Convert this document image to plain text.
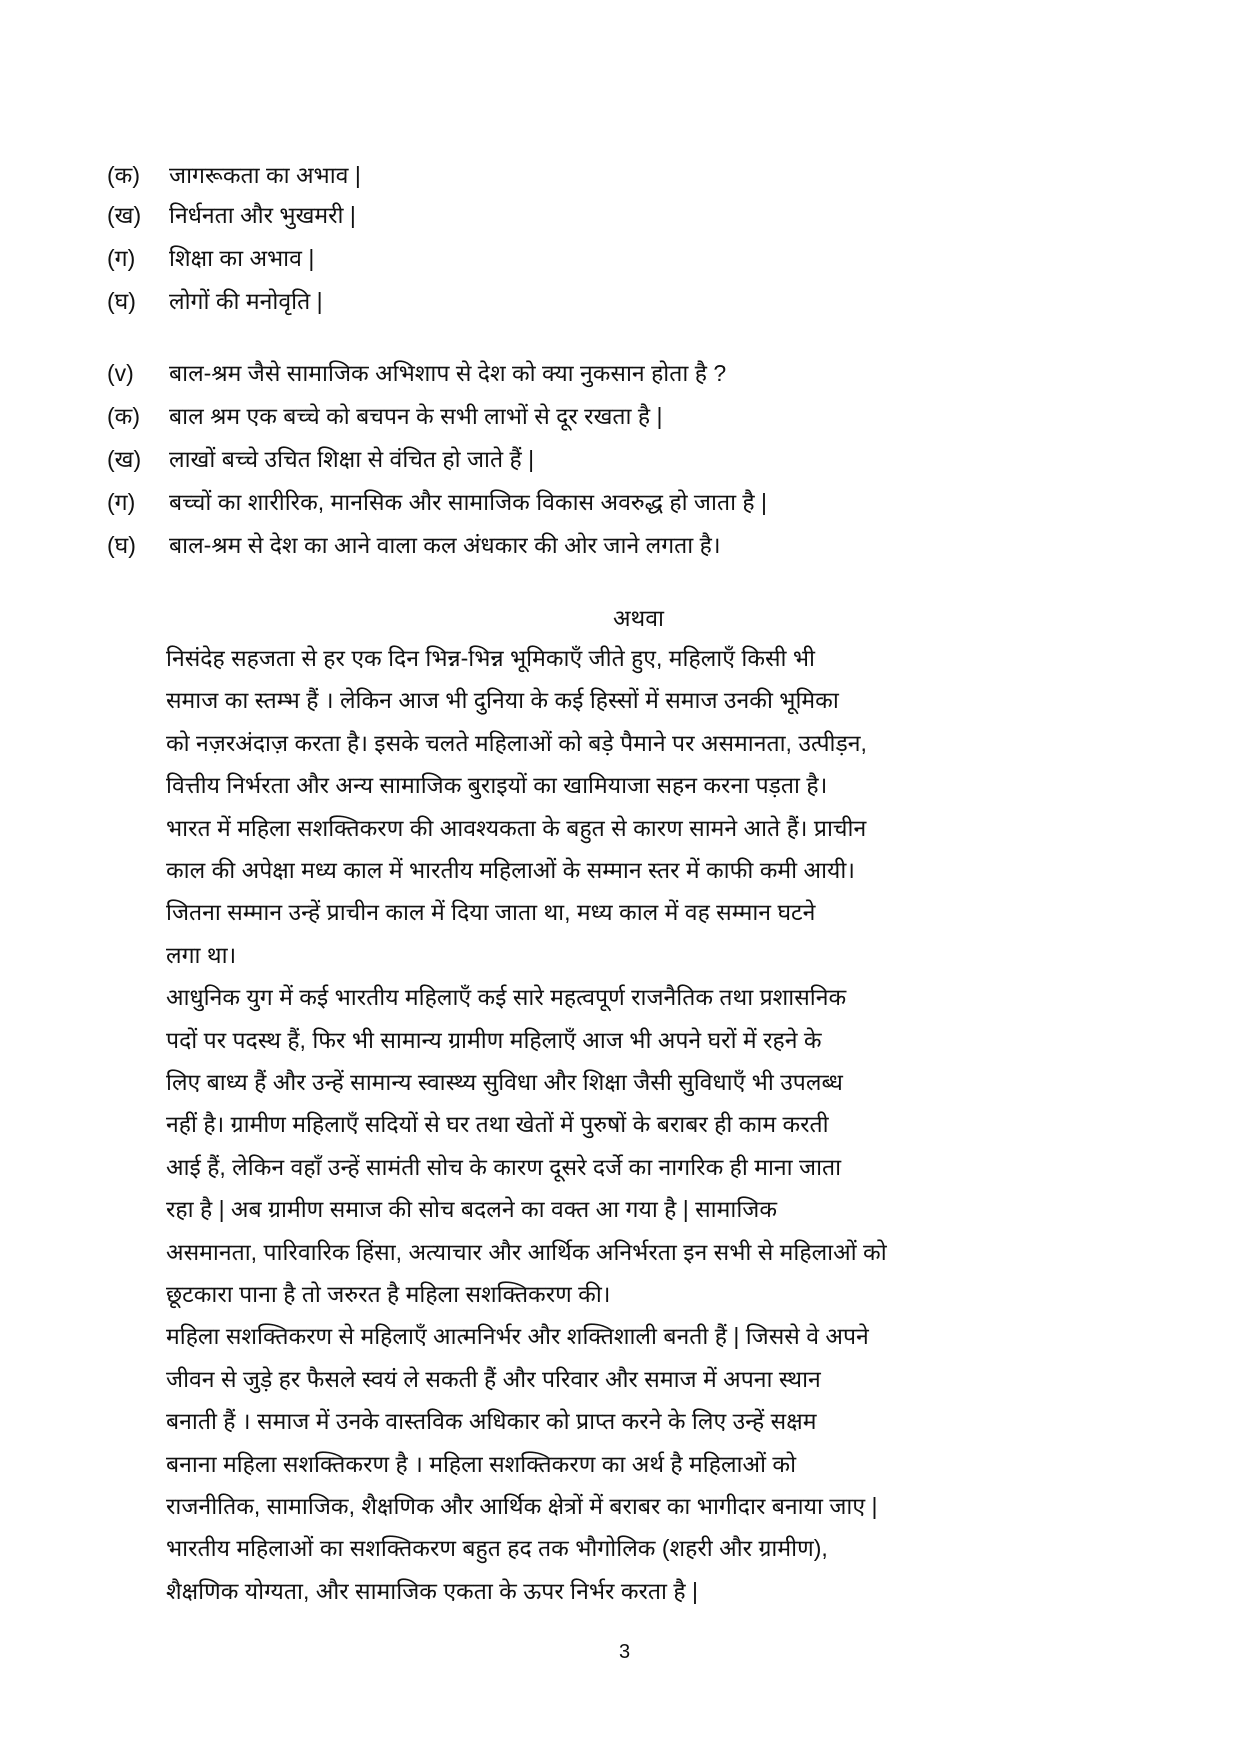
(क) जागरूकता का अभाव |
(ख) निर्धनता और भुखमरी |
(ग) शिक्षा का अभाव |
(घ) लोगों की मनोवृति |
(v) बाल-श्रम जैसे सामाजिक अभिशाप से देश को क्या नुकसान होता है ?
(क) बाल श्रम एक बच्चे को बचपन के सभी लाभों से दूर रखता है |
(ख) लाखों बच्चे उचित शिक्षा से वंचित हो जाते हैं |
(ग) बच्चों का शारीरिक, मानसिक और सामाजिक विकास अवरुद्ध हो जाता है |
(घ) बाल-श्रम से देश का आने वाला कल अंधकार की ओर जाने लगता है।
अथवा
निसंदेह सहजता से हर एक दिन भिन्न-भिन्न भूमिकाएँ जीते हुए, महिलाएँ किसी भी
समाज का स्तम्भ हैं । लेकिन आज भी दुनिया के कई हिस्सों में समाज उनकी भूमिका
को नज़रअंदाज़ करता है। इसके चलते महिलाओं को बड़े पैमाने पर असमानता, उत्पीड़न,
वित्तीय निर्भरता और अन्य सामाजिक बुराइयों का खामियाजा सहन करना पड़ता है।
भारत में महिला सशक्तिकरण की आवश्यकता के बहुत से कारण सामने आते हैं। प्राचीन
काल की अपेक्षा मध्य काल में भारतीय महिलाओं के सम्मान स्तर में काफी कमी आयी।
जितना सम्मान उन्हें प्राचीन काल में दिया जाता था, मध्य काल में वह सम्मान घटने
लगा था।
आधुनिक युग में कई भारतीय महिलाएँ कई सारे महत्वपूर्ण राजनैतिक तथा प्रशासनिक
पदों पर पदस्थ हैं, फिर भी सामान्य ग्रामीण महिलाएँ आज भी अपने घरों में रहने के
लिए बाध्य हैं और उन्हें सामान्य स्वास्थ्य सुविधा और शिक्षा जैसी सुविधाएँ भी उपलब्ध
नहीं है। ग्रामीण महिलाएँ सदियों से घर तथा खेतों में पुरुषों के बराबर ही काम करती
आई हैं, लेकिन वहाँ उन्हें सामंती सोच के कारण दूसरे दर्जे का नागरिक ही माना जाता
रहा है | अब ग्रामीण समाज की सोच बदलने का वक्त आ गया है | सामाजिक
असमानता, पारिवारिक हिंसा, अत्याचार और आर्थिक अनिर्भरता इन सभी से महिलाओं को
छूटकारा पाना है तो जरुरत है महिला सशक्तिकरण की।
महिला सशक्तिकरण से महिलाएँ आत्मनिर्भर और शक्तिशाली बनती हैं | जिससे वे अपने
जीवन से जुड़े हर फैसले स्वयं ले सकती हैं और परिवार और समाज में अपना स्थान
बनाती हैं । समाज में उनके वास्तविक अधिकार को प्राप्त करने के लिए उन्हें सक्षम
बनाना महिला सशक्तिकरण है । महिला सशक्तिकरण का अर्थ है महिलाओं को
राजनीतिक, सामाजिक, शैक्षणिक और आर्थिक क्षेत्रों में बराबर का भागीदार बनाया जाए |
भारतीय महिलाओं का सशक्तिकरण बहुत हद तक भौगोलिक (शहरी और ग्रामीण),
शैक्षणिक योग्यता, और सामाजिक एकता के ऊपर निर्भर करता है |
3
